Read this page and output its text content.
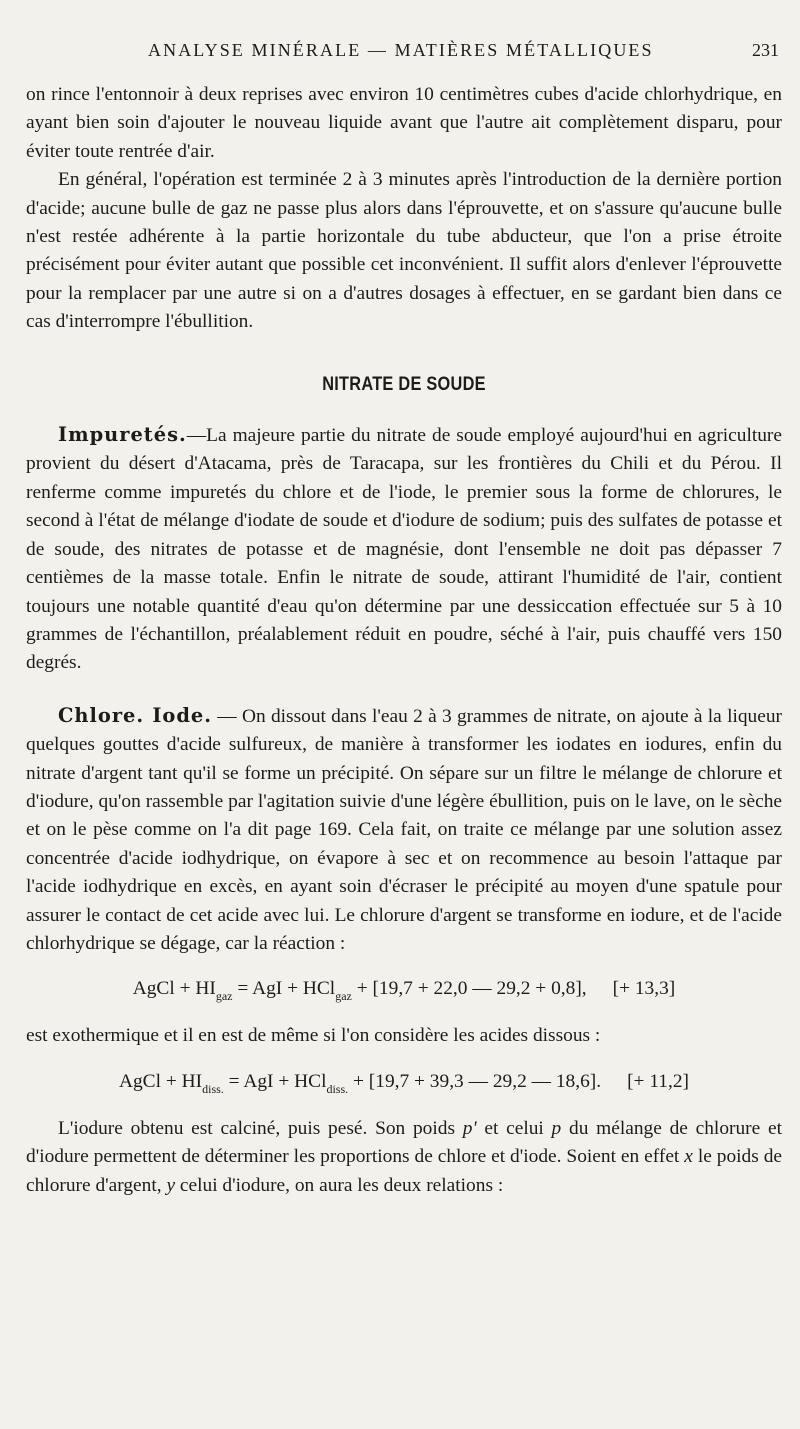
ANALYSE MINÉRALE — MATIÈRES MÉTALLIQUES	231

on rince l'entonnoir à deux reprises avec environ 10 centimètres cubes d'acide chlorhydrique, en ayant bien soin d'ajouter le nouveau liquide avant que l'autre ait complètement disparu, pour éviter toute rentrée d'air.

En général, l'opération est terminée 2 à 3 minutes après l'introduction de la dernière portion d'acide; aucune bulle de gaz ne passe plus alors dans l'éprouvette, et on s'assure qu'aucune bulle n'est restée adhérente à la partie horizontale du tube abducteur, que l'on a prise étroite précisément pour éviter autant que possible cet inconvénient. Il suffit alors d'enlever l'éprouvette pour la remplacer par une autre si on a d'autres dosages à effectuer, en se gardant bien dans ce cas d'interrompre l'ébullition.

NITRATE DE SOUDE

Impuretés.—La majeure partie du nitrate de soude employé aujourd'hui en agriculture provient du désert d'Atacama, près de Taracapa, sur les frontières du Chili et du Pérou. Il renferme comme impuretés du chlore et de l'iode, le premier sous la forme de chlorures, le second à l'état de mélange d'iodate de soude et d'iodure de sodium; puis des sulfates de potasse et de soude, des nitrates de potasse et de magnésie, dont l'ensemble ne doit pas dépasser 7 centièmes de la masse totale. Enfin le nitrate de soude, attirant l'humidité de l'air, contient toujours une notable quantité d'eau qu'on détermine par une dessiccation effectuée sur 5 à 10 grammes de l'échantillon, préalablement réduit en poudre, séché à l'air, puis chauffé vers 150 degrés.

Chlore. Iode. — On dissout dans l'eau 2 à 3 grammes de nitrate, on ajoute à la liqueur quelques gouttes d'acide sulfureux, de manière à transformer les iodates en iodures, enfin du nitrate d'argent tant qu'il se forme un précipité. On sépare sur un filtre le mélange de chlorure et d'iodure, qu'on rassemble par l'agitation suivie d'une légère ébullition, puis on le lave, on le sèche et on le pèse comme on l'a dit page 169. Cela fait, on traite ce mélange par une solution assez concentrée d'acide iodhydrique, on évapore à sec et on recommence au besoin l'attaque par l'acide iodhydrique en excès, en ayant soin d'écraser le précipité au moyen d'une spatule pour assurer le contact de cet acide avec lui. Le chlorure d'argent se transforme en iodure, et de l'acide chlorhydrique se dégage, car la réaction :

AgCl + $HI_{gaz}$ = AgI + HCl$_{gaz}$ + [19,7 + 22,0 — 29,2 + 0,8], [+ 13,3]

est exothermique et il en est de même si l'on considère les acides dissous :

AgCl + $HI_{diss.}$ = AgI + HCl$_{diss.}$ + [19,7 + 39,3 — 29,2 — 18,6]. [+ 11,2]

L'iodure obtenu est calciné, puis pesé. Son poids p' et celui p du mélange de chlorure et d'iodure permettent de déterminer les proportions de chlore et d'iode. Soient en effet x le poids de chlorure d'argent, y celui d'iodure, on aura les deux relations :
